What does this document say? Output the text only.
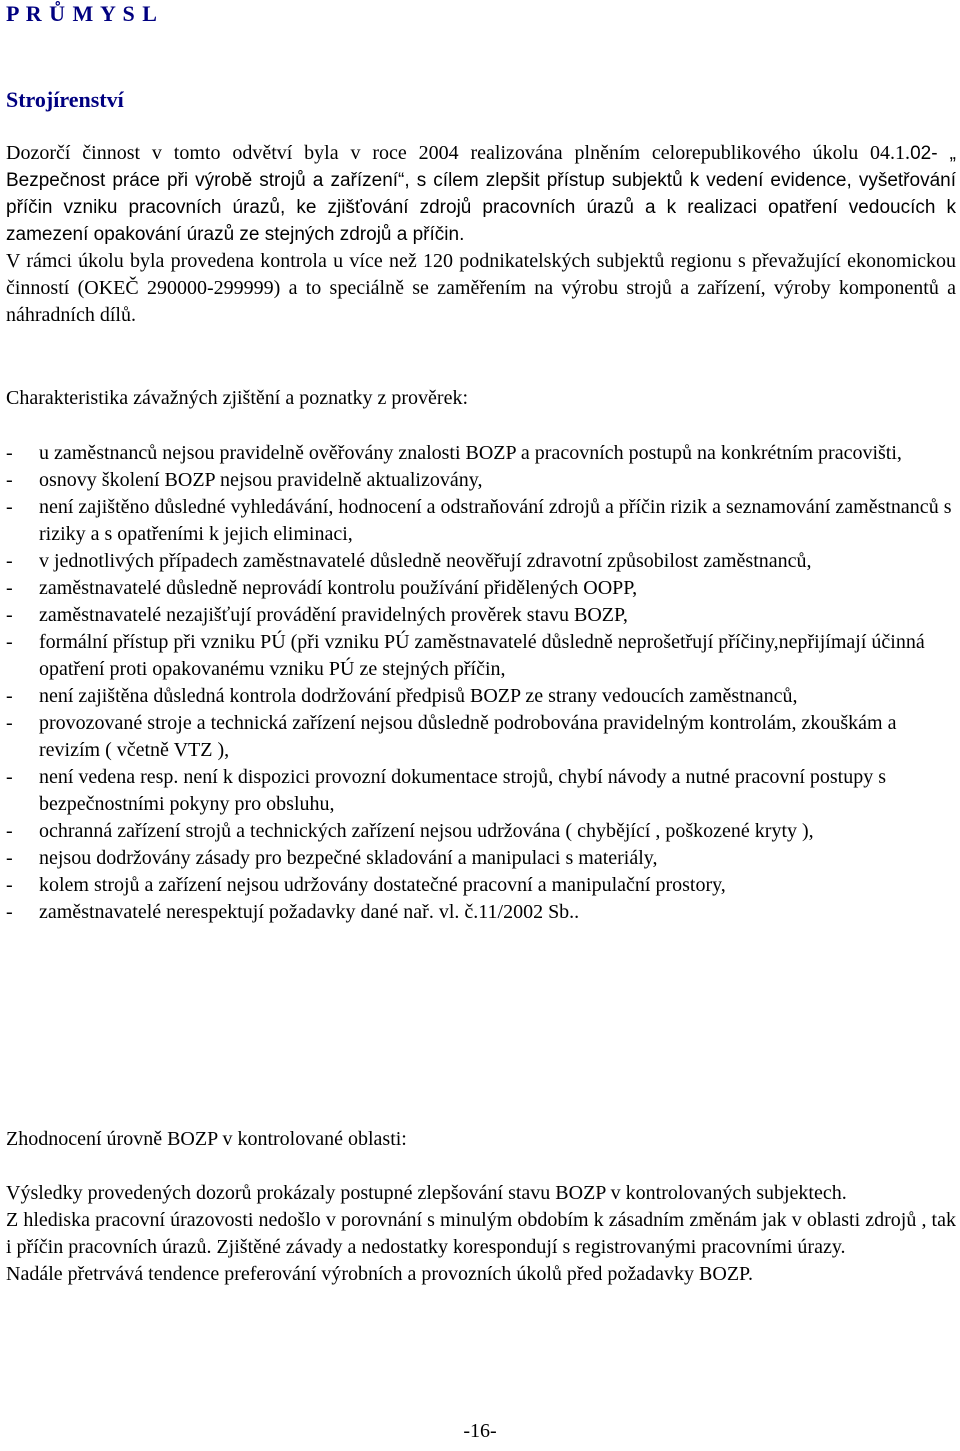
P R Ů M Y S L
Strojírenství

Dozorčí činnost v tomto odvětví byla v roce 2004 realizována plněním celorepublikového úkolu 04.1.02- „ Bezpečnost práce při výrobě strojů a zařízení“, s cílem zlepšit přístup subjektů k vedení evidence, vyšetřování příčin vzniku pracovních úrazů, ke zjišťování zdrojů pracovních úrazů a k realizaci opatření vedoucích k zamezení opakování úrazů ze stejných zdrojů a příčin.

V rámci úkolu byla provedena kontrola u více než 120 podnikatelských subjektů regionu s převažující ekonomickou činností (OKEČ 290000-299999) a to speciálně se zaměřením na výrobu strojů a zařízení, výroby komponentů a náhradních dílů.

Charakteristika závažných zjištění a poznatky z prověrek:
- u zaměstnanců nejsou pravidelně ověřovány znalosti BOZP a pracovních postupů na konkrétním pracovišti,
- osnovy školení BOZP nejsou pravidelně aktualizovány,
- není zajištěno důsledné vyhledávání, hodnocení a odstraňování zdrojů a příčin rizik a seznamování zaměstnanců s riziky a s opatřeními k jejich eliminaci,
- v jednotlivých případech zaměstnavatelé důsledně neověřují zdravotní způsobilost zaměstnanců,
- zaměstnavatelé důsledně neprovádí kontrolu používání přidělených OOPP,
- zaměstnavatelé nezajišťují provádění pravidelných prověrek stavu BOZP,
- formální přístup při vzniku PÚ (při vzniku PÚ zaměstnavatelé důsledně neprošetřují příčiny,nepřijímají účinná opatření proti opakovanému vzniku PÚ ze stejných příčin,
- není zajištěna důsledná kontrola dodržování předpisů BOZP ze strany vedoucích zaměstnanců,
- provozované stroje a technická zařízení nejsou důsledně podrobována pravidelným kontrolám, zkouškám a revizím ( včetně VTZ ),
- není vedena resp. není k dispozici provozní dokumentace strojů, chybí návody a nutné pracovní postupy s bezpečnostními pokyny pro obsluhu,
- ochranná zařízení strojů a technických zařízení nejsou udržována ( chybějící , poškozené kryty ),
- nejsou dodržovány zásady pro bezpečné skladování a manipulaci s materiály,
- kolem strojů a zařízení nejsou udržovány dostatečné pracovní a manipulační prostory,
- zaměstnavatelé nerespektují požadavky dané nař. vl. č.11/2002 Sb..
Zhodnocení úrovně BOZP v kontrolované oblasti:

Výsledky provedených dozorů prokázaly postupné zlepšování stavu BOZP v kontrolovaných subjektech.

Z hlediska pracovní úrazovosti nedošlo v porovnání s minulým obdobím k zásadním změnám jak v oblasti zdrojů , tak i příčin pracovních úrazů. Zjištěné závady a nedostatky korespondují s registrovanými pracovními úrazy.

Nadále přetrvává tendence preferování výrobních a provozních úkolů před požadavky BOZP.

-16-
